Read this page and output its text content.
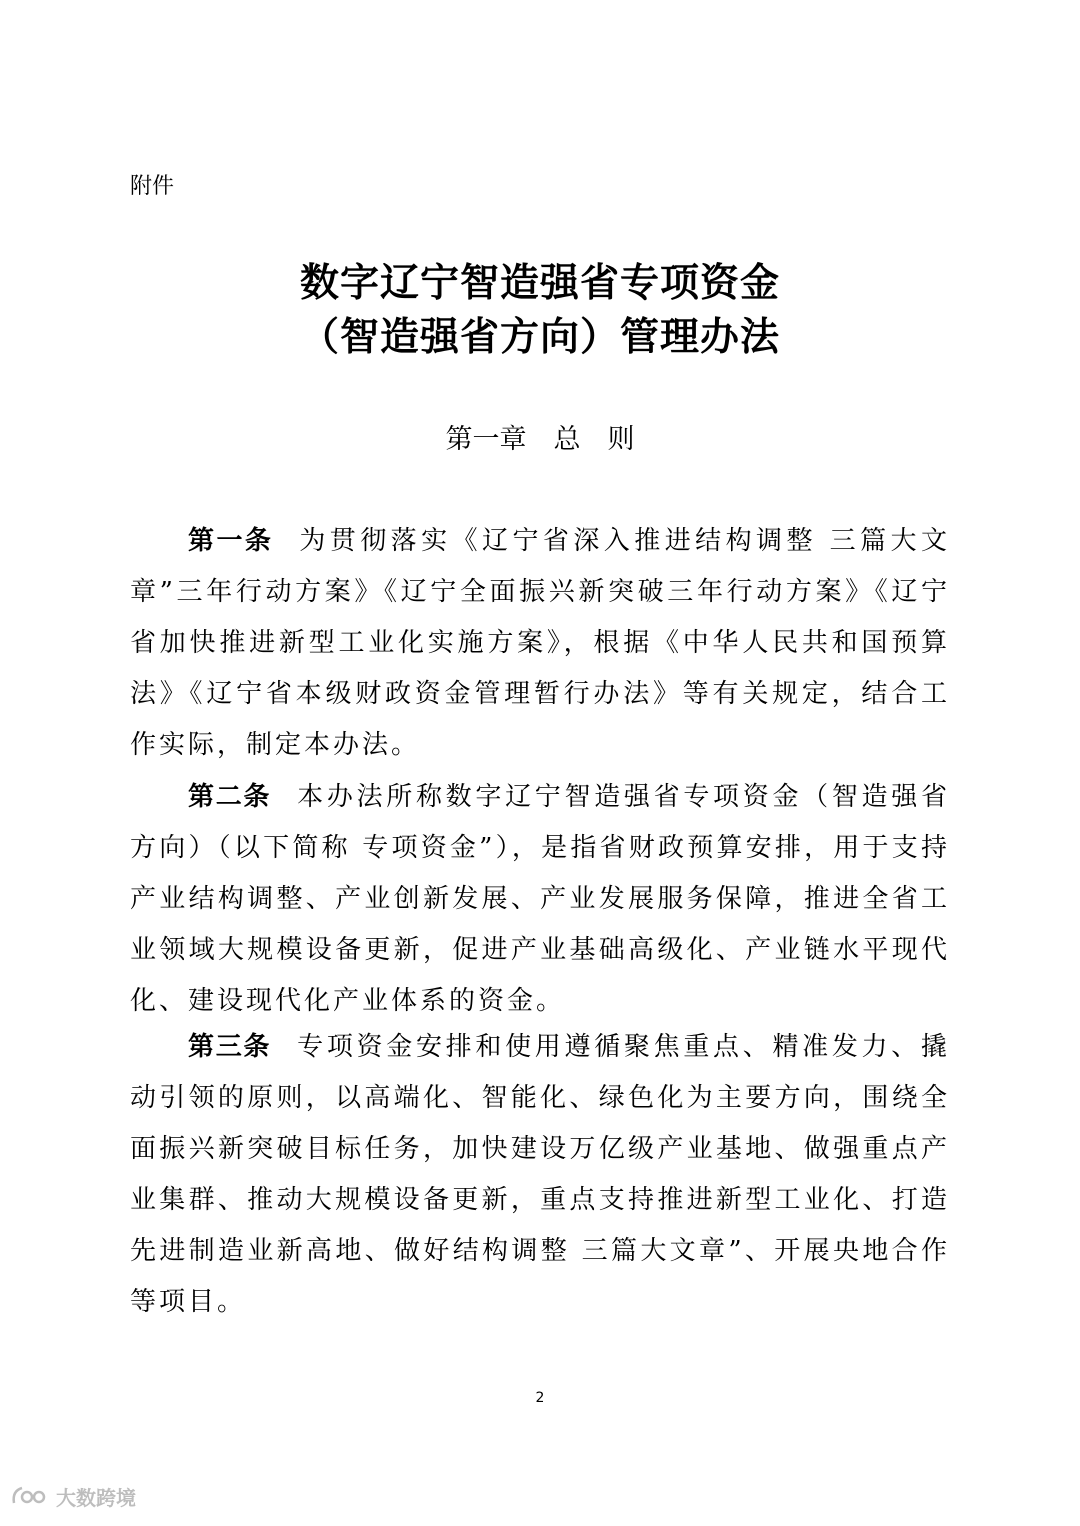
附件
数字辽宁智造强省专项资金
（智造强省方向）管理办法
第一章　总　则

第一条 为贯彻落实《辽宁省深入推进结构调整 三篇大文章”三年行动方案》《辽宁全面振兴新突破三年行动方案》《辽宁省加快推进新型工业化实施方案》，根据《中华人民共和国预算法》《辽宁省本级财政资金管理暂行办法》等有关规定，结合工作实际，制定本办法。

第二条 本办法所称数字辽宁智造强省专项资金（智造强省方向）（以下简称 专项资金”），是指省财政预算安排，用于支持产业结构调整、产业创新发展、产业发展服务保障，推进全省工业领域大规模设备更新，促进产业基础高级化、产业链水平现代化、建设现代化产业体系的资金。

第三条 专项资金安排和使用遵循聚焦重点、精准发力、撬动引领的原则，以高端化、智能化、绿色化为主要方向，围绕全面振兴新突破目标任务，加快建设万亿级产业基地、做强重点产业集群、推动大规模设备更新，重点支持推进新型工业化、打造先进制造业新高地、做好结构调整 三篇大文章”、开展央地合作等项目。

2
大数跨境
